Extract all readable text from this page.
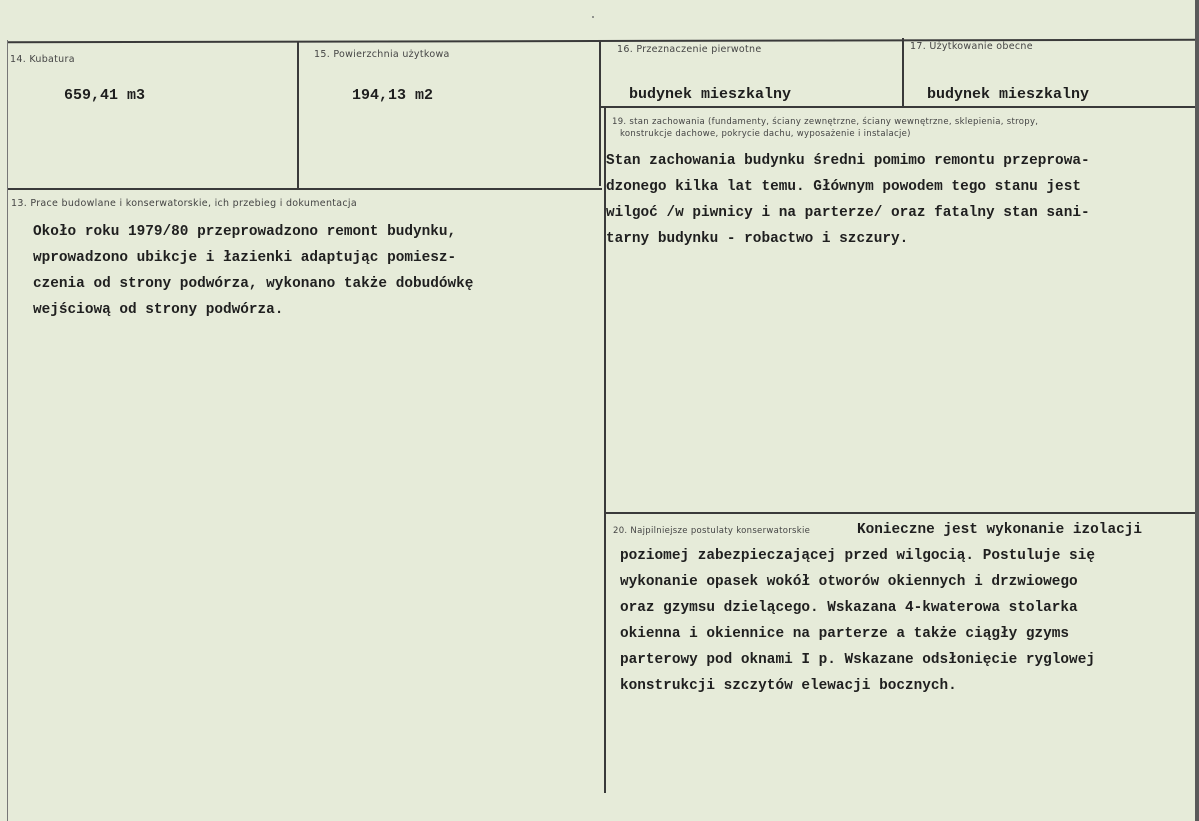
14. Kubatura
659,41 m3
15. Powierzchnia użytkowa
194,13 m2
16. Przeznaczenie pierwotne
budynek mieszkalny
17. Użytkowanie obecne
budynek mieszkalny
19. stan zachowania (fundamenty, ściany zewnętrzne, ściany wewnętrzne, sklepienia, stropy,
konstrukcje dachowe, pokrycie dachu, wyposażenie i instalacje)
Stan zachowania budynku średni pomimo remontu przeprowa-
dzonego kilka lat temu. Głównym powodem tego stanu jest
wilgoć /w piwnicy i na parterze/ oraz fatalny stan sani-
tarny budynku - robactwo i szczury.
13. Prace budowlane i konserwatorskie, ich przebieg i dokumentacja
Około roku 1979/80 przeprowadzono remont budynku,
wprowadzono ubikcje i łazienki adaptując pomiesz-
czenia od strony podwórza, wykonano także dobudówkę
wejściową od strony podwórza.
20. Najpilniejsze postulaty konserwatorskie	Konieczne jest wykonanie izolacji
poziomej zabezpieczającej przed wilgocią. Postuluje się
wykonanie opasek wokół otworów okiennych i drzwiowego
oraz gzymsu dzielącego. Wskazana 4-kwaterowa stolarka
okienna i okiennice na parterze a także ciągły gzyms
parterowy pod oknami I p. Wskazane odsłonięcie ryglowej
konstrukcji szczytów elewacji bocznych.
